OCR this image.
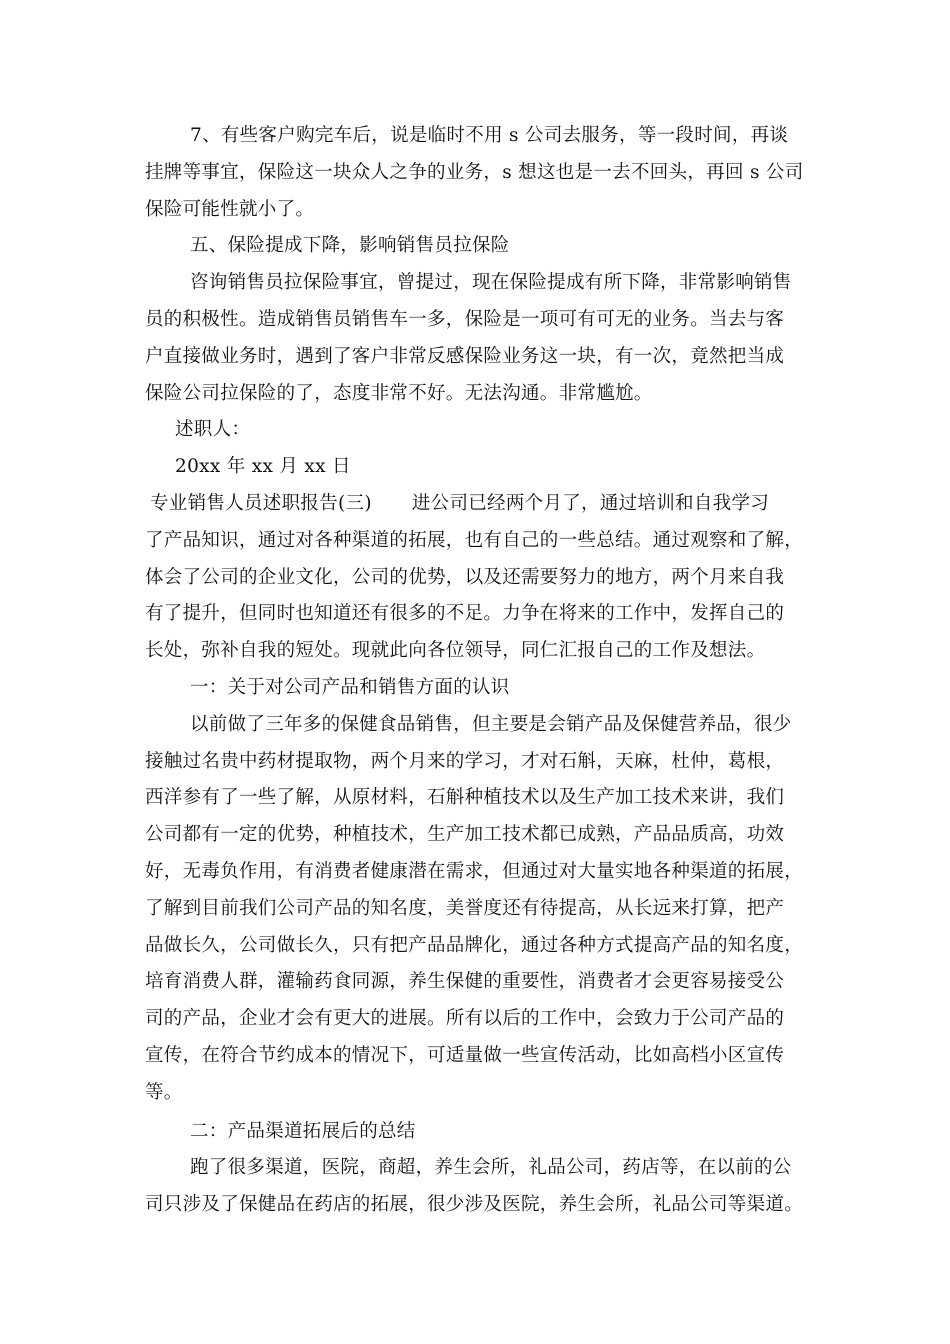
7、有些客户购完车后，说是临时不用 s 公司去服务，等一段时间，再谈

挂牌等事宜，保险这一块众人之争的业务，s 想这也是一去不回头，再回 s 公司

保险可能性就小了。

五、保险提成下降，影响销售员拉保险

咨询销售员拉保险事宜，曾提过，现在保险提成有所下降，非常影响销售

员的积极性。造成销售员销售车一多，保险是一项可有可无的业务。当去与客

户直接做业务时，遇到了客户非常反感保险业务这一块，有一次，竟然把当成

保险公司拉保险的了，态度非常不好。无法沟通。非常尴尬。

述职人：

20xx 年 xx 月 xx 日

专业销售人员述职报告(三) 进公司已经两个月了，通过培训和自我学习

了产品知识，通过对各种渠道的拓展，也有自己的一些总结。通过观察和了解，

体会了公司的企业文化，公司的优势，以及还需要努力的地方，两个月来自我

有了提升，但同时也知道还有很多的不足。力争在将来的工作中，发挥自己的

长处，弥补自我的短处。现就此向各位领导，同仁汇报自己的工作及想法。

一：关于对公司产品和销售方面的认识

以前做了三年多的保健食品销售，但主要是会销产品及保健营养品，很少

接触过名贵中药材提取物，两个月来的学习，才对石斛，天麻，杜仲，葛根，

西洋参有了一些了解，从原材料，石斛种植技术以及生产加工技术来讲，我们

公司都有一定的优势，种植技术，生产加工技术都已成熟，产品品质高，功效

好，无毒负作用，有消费者健康潜在需求，但通过对大量实地各种渠道的拓展，

了解到目前我们公司产品的知名度，美誉度还有待提高，从长远来打算，把产

品做长久，公司做长久，只有把产品品牌化，通过各种方式提高产品的知名度，

培育消费人群，灌输药食同源，养生保健的重要性，消费者才会更容易接受公

司的产品，企业才会有更大的进展。所有以后的工作中，会致力于公司产品的

宣传，在符合节约成本的情况下，可适量做一些宣传活动，比如高档小区宣传

等。

二：产品渠道拓展后的总结

跑了很多渠道，医院，商超，养生会所，礼品公司，药店等，在以前的公

司只涉及了保健品在药店的拓展，很少涉及医院，养生会所，礼品公司等渠道。
